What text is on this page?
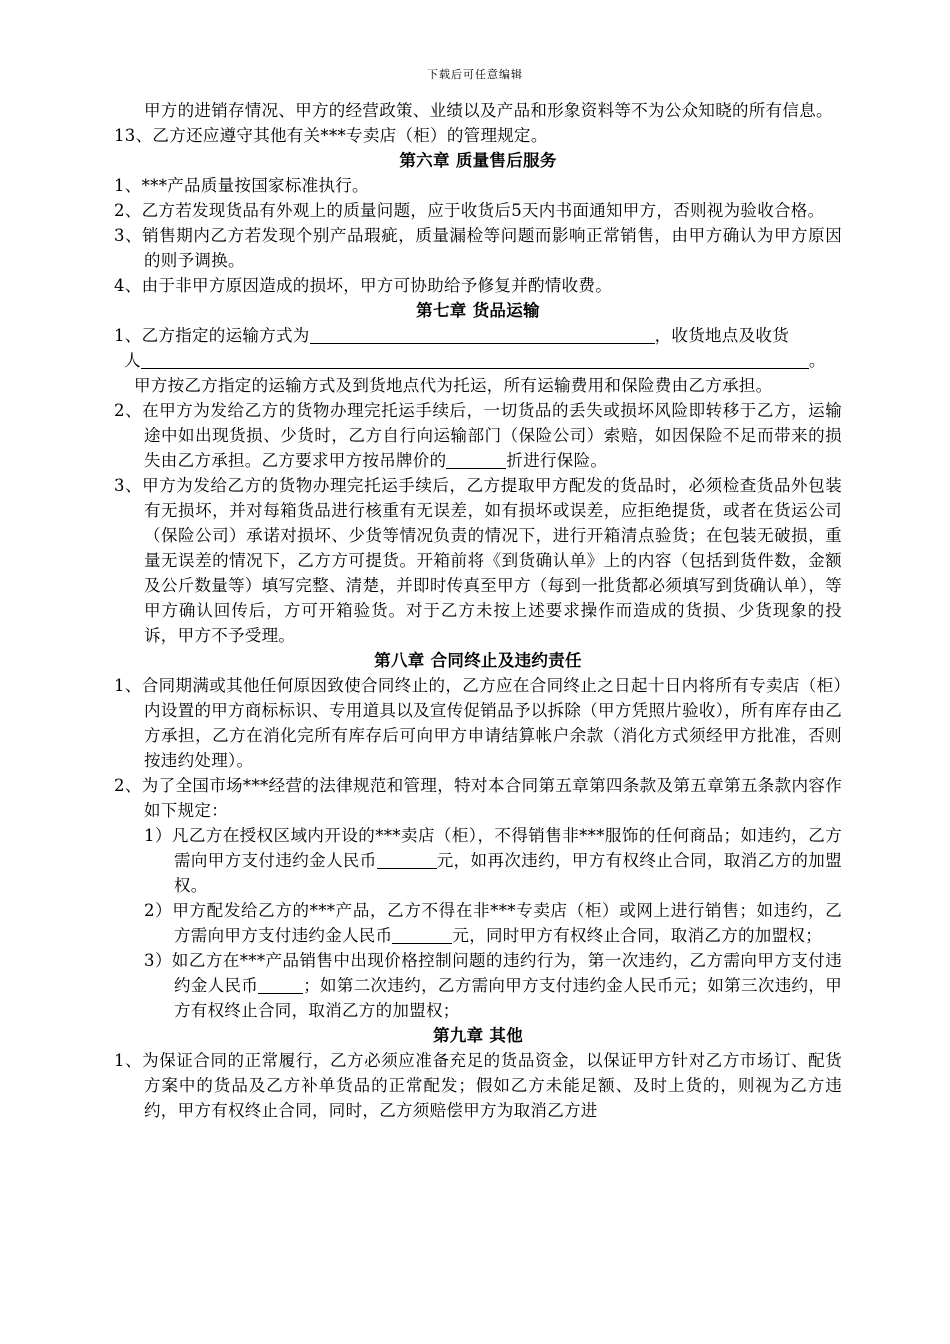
下载后可任意编辑

甲方的进销存情况、甲方的经营政策、业绩以及产品和形象资料等不为公众知晓的所有信息。

13、乙方还应遵守其他有关***专卖店（柜）的管理规定。

第六章 质量售后服务

1、***产品质量按国家标准执行。

2、乙方若发现货品有外观上的质量问题，应于收货后5天内书面通知甲方，否则视为验收合格。

3、销售期内乙方若发现个别产品瑕疵，质量漏检等问题而影响正常销售，由甲方确认为甲方原因的则予调换。

4、由于非甲方原因造成的损坏，甲方可协助给予修复并酌情收费。

第七章 货品运输

1、乙方指定的运输方式为	，收货地点及收货

人	。

甲方按乙方指定的运输方式及到货地点代为托运，所有运输费用和保险费由乙方承担。

2、在甲方为发给乙方的货物办理完托运手续后，一切货品的丢失或损坏风险即转移于乙方，运输途中如出现货损、少货时，乙方自行向运输部门（保险公司）索赔，如因保险不足而带来的损失由乙方承担。乙方要求甲方按吊牌价的	折进行保险。

3、甲方为发给乙方的货物办理完托运手续后，乙方提取甲方配发的货品时，必须检查货品外包装有无损坏，并对每箱货品进行核重有无误差，如有损坏或误差，应拒绝提货，或者在货运公司（保险公司）承诺对损坏、少货等情况负责的情况下，进行开箱清点验货；在包装无破损，重量无误差的情况下，乙方方可提货。开箱前将《到货确认单》上的内容（包括到货件数，金额及公斤数量等）填写完整、清楚，并即时传真至甲方（每到一批货都必须填写到货确认单），等甲方确认回传后，方可开箱验货。对于乙方未按上述要求操作而造成的货损、少货现象的投诉，甲方不予受理。

第八章 合同终止及违约责任

1、合同期满或其他任何原因致使合同终止的，乙方应在合同终止之日起十日内将所有专卖店（柜）内设置的甲方商标标识、专用道具以及宣传促销品予以拆除（甲方凭照片验收），所有库存由乙方承担，乙方在消化完所有库存后可向甲方申请结算帐户余款（消化方式须经甲方批准，否则按违约处理）。

2、为了全国市场***经营的法律规范和管理，特对本合同第五章第四条款及第五章第五条款内容作如下规定：

1）凡乙方在授权区域内开设的***卖店（柜），不得销售非***服饰的任何商品；如违约，乙方需向甲方支付违约金人民币	元，如再次违约，甲方有权终止合同，取消乙方的加盟权。

2）甲方配发给乙方的***产品，乙方不得在非***专卖店（柜）或网上进行销售；如违约，乙方需向甲方支付违约金人民币	元，同时甲方有权终止合同，取消乙方的加盟权；

3）如乙方在***产品销售中出现价格控制问题的违约行为，第一次违约，乙方需向甲方支付违约金人民币	；如第二次违约，乙方需向甲方支付违约金人民币元；如第三次违约，甲方有权终止合同，取消乙方的加盟权；

第九章 其他

1、为保证合同的正常履行，乙方必须应准备充足的货品资金，以保证甲方针对乙方市场订、配货方案中的货品及乙方补单货品的正常配发；假如乙方未能足额、及时上货的，则视为乙方违约，甲方有权终止合同，同时，乙方须赔偿甲方为取消乙方进
